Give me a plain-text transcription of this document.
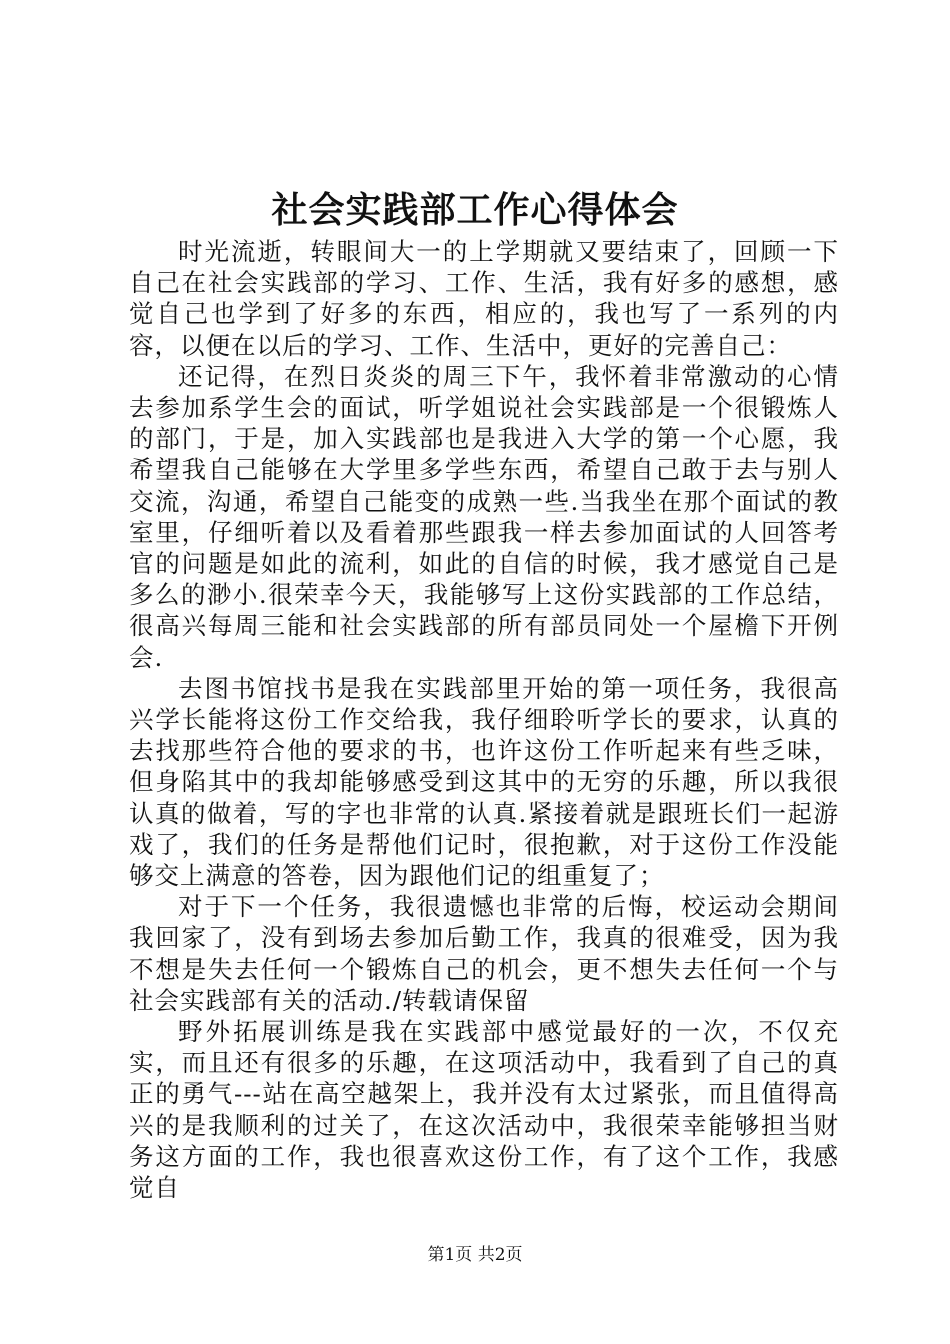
社会实践部工作心得体会

时光流逝，转眼间大一的上学期就又要结束了，回顾一下自己在社会实践部的学习、工作、生活，我有好多的感想，感觉自己也学到了好多的东西，相应的，我也写了一系列的内容，以便在以后的学习、工作、生活中，更好的完善自己：

还记得，在烈日炎炎的周三下午，我怀着非常激动的心情去参加系学生会的面试，听学姐说社会实践部是一个很锻炼人的部门，于是，加入实践部也是我进入大学的第一个心愿，我希望我自己能够在大学里多学些东西，希望自己敢于去与别人交流，沟通，希望自己能变的成熟一些.当我坐在那个面试的教室里，仔细听着以及看着那些跟我一样去参加面试的人回答考官的问题是如此的流利，如此的自信的时候，我才感觉自己是多么的渺小.很荣幸今天，我能够写上这份实践部的工作总结，很高兴每周三能和社会实践部的所有部员同处一个屋檐下开例会.

去图书馆找书是我在实践部里开始的第一项任务，我很高兴学长能将这份工作交给我，我仔细聆听学长的要求，认真的去找那些符合他的要求的书，也许这份工作听起来有些乏味，但身陷其中的我却能够感受到这其中的无穷的乐趣，所以我很认真的做着，写的字也非常的认真.紧接着就是跟班长们一起游戏了，我们的任务是帮他们记时，很抱歉，对于这份工作没能够交上满意的答卷，因为跟他们记的组重复了；

对于下一个任务，我很遗憾也非常的后悔，校运动会期间我回家了，没有到场去参加后勤工作，我真的很难受，因为我不想是失去任何一个锻炼自己的机会，更不想失去任何一个与社会实践部有关的活动./转载请保留

野外拓展训练是我在实践部中感觉最好的一次，不仅充实，而且还有很多的乐趣，在这项活动中，我看到了自己的真正的勇气---站在高空越架上，我并没有太过紧张，而且值得高兴的是我顺利的过关了，在这次活动中，我很荣幸能够担当财务这方面的工作，我也很喜欢这份工作，有了这个工作，我感觉自

第1页 共2页
